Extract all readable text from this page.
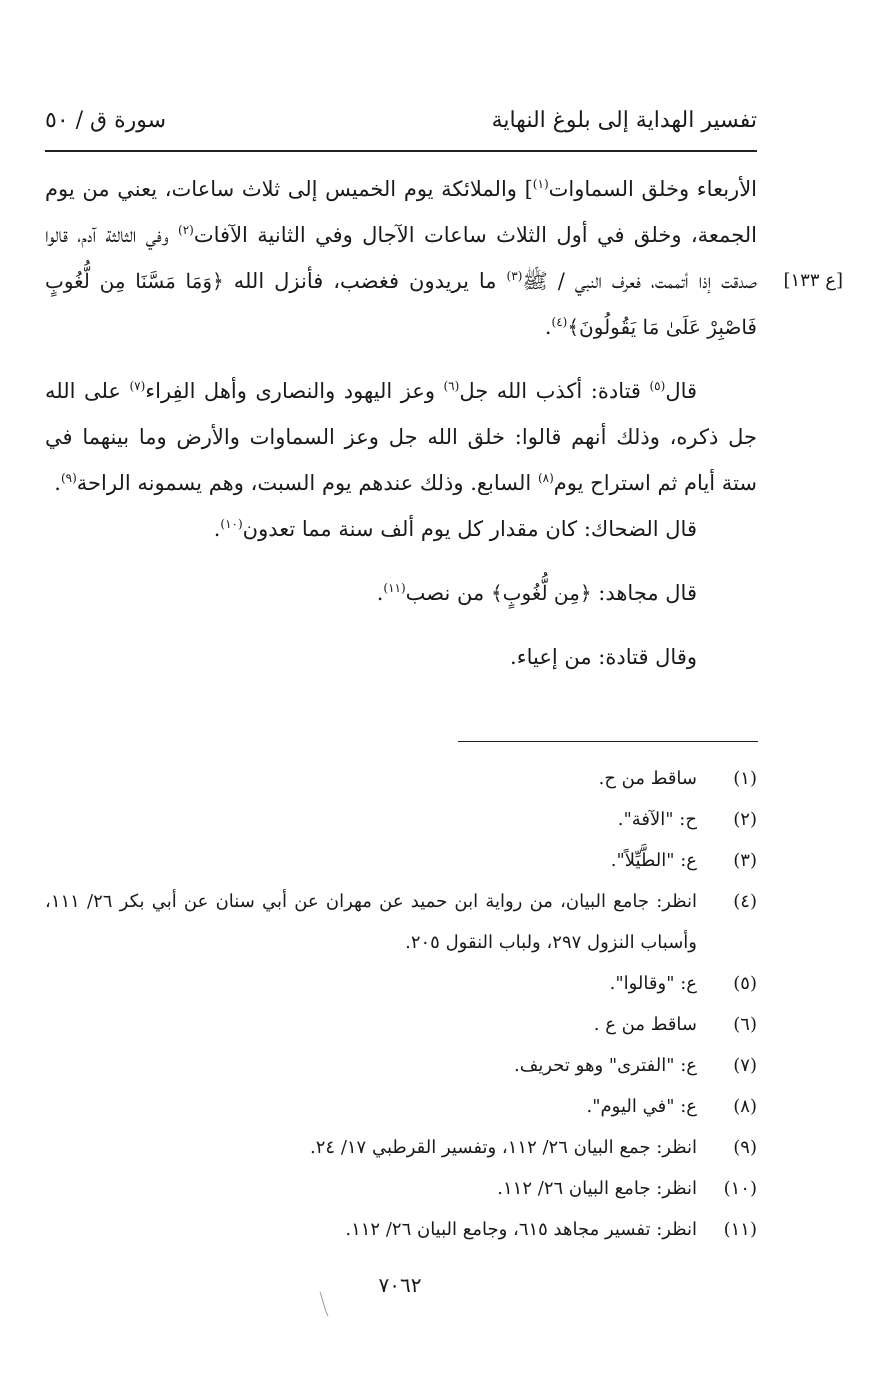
تفسير الهداية إلى بلوغ النهاية
سورة ق / ٥٠
[ع ١٣٣]

الأربعاء وخلق السماوات$^{(١)}$] والملائكة يوم الخميس إلى ثلاث ساعات، يعني من يوم الجمعة، وخلق في أول الثلاث ساعات الآجال وفي الثانية الآفات$^{(٢)}$ وفي الثالثة آدم، قالوا صدقت إذا أتممت، فعرف النبي / ﷺ$^{(٣)}$ ما يريدون فغضب، فأنزل الله ﴿وَمَا مَسَّنَا مِن لُّغُوبٍ فَاصْبِرْ عَلَىٰ مَا يَقُولُونَ﴾$^{(٤)}$.

قال$^{(٥)}$ قتادة: أكذب الله جل$^{(٦)}$ وعز اليهود والنصارى وأهل الفِراء$^{(٧)}$ على الله جل ذكره، وذلك أنهم قالوا: خلق الله جل وعز السماوات والأرض وما بينهما في ستة أيام ثم استراح يوم$^{(٨)}$ السابع. وذلك عندهم يوم السبت، وهم يسمونه الراحة$^{(٩)}$.

قال الضحاك: كان مقدار كل يوم ألف سنة مما تعدون$^{(١٠)}$.

قال مجاهد: ﴿مِن لُّغُوبٍ﴾ من نصب$^{(١١)}$.

وقال قتادة: من إعياء.

(١)
ساقط من ح.
(٢)
ح: "الآفة".
(٣)
ع: "الطَّيِّلاً".
(٤)
انظر: جامع البيان، من رواية ابن حميد عن مهران عن أبي سنان عن أبي بكر ٢٦/ ١١١، وأسباب النزول ٢٩٧، ولباب النقول ٢٠٥.
(٥)
ع: "وقالوا".
(٦)
ساقط من ع .
(٧)
ع: "الفترى" وهو تحريف.
(٨)
ع: "في اليوم".
(٩)
انظر: جمع البيان ٢٦/ ١١٢، وتفسير القرطبي ١٧/ ٢٤.
(١٠)
انظر: جامع البيان ٢٦/ ١١٢.
(١١)
انظر: تفسير مجاهد ٦١٥، وجامع البيان ٢٦/ ١١٢.
٧٠٦٢
